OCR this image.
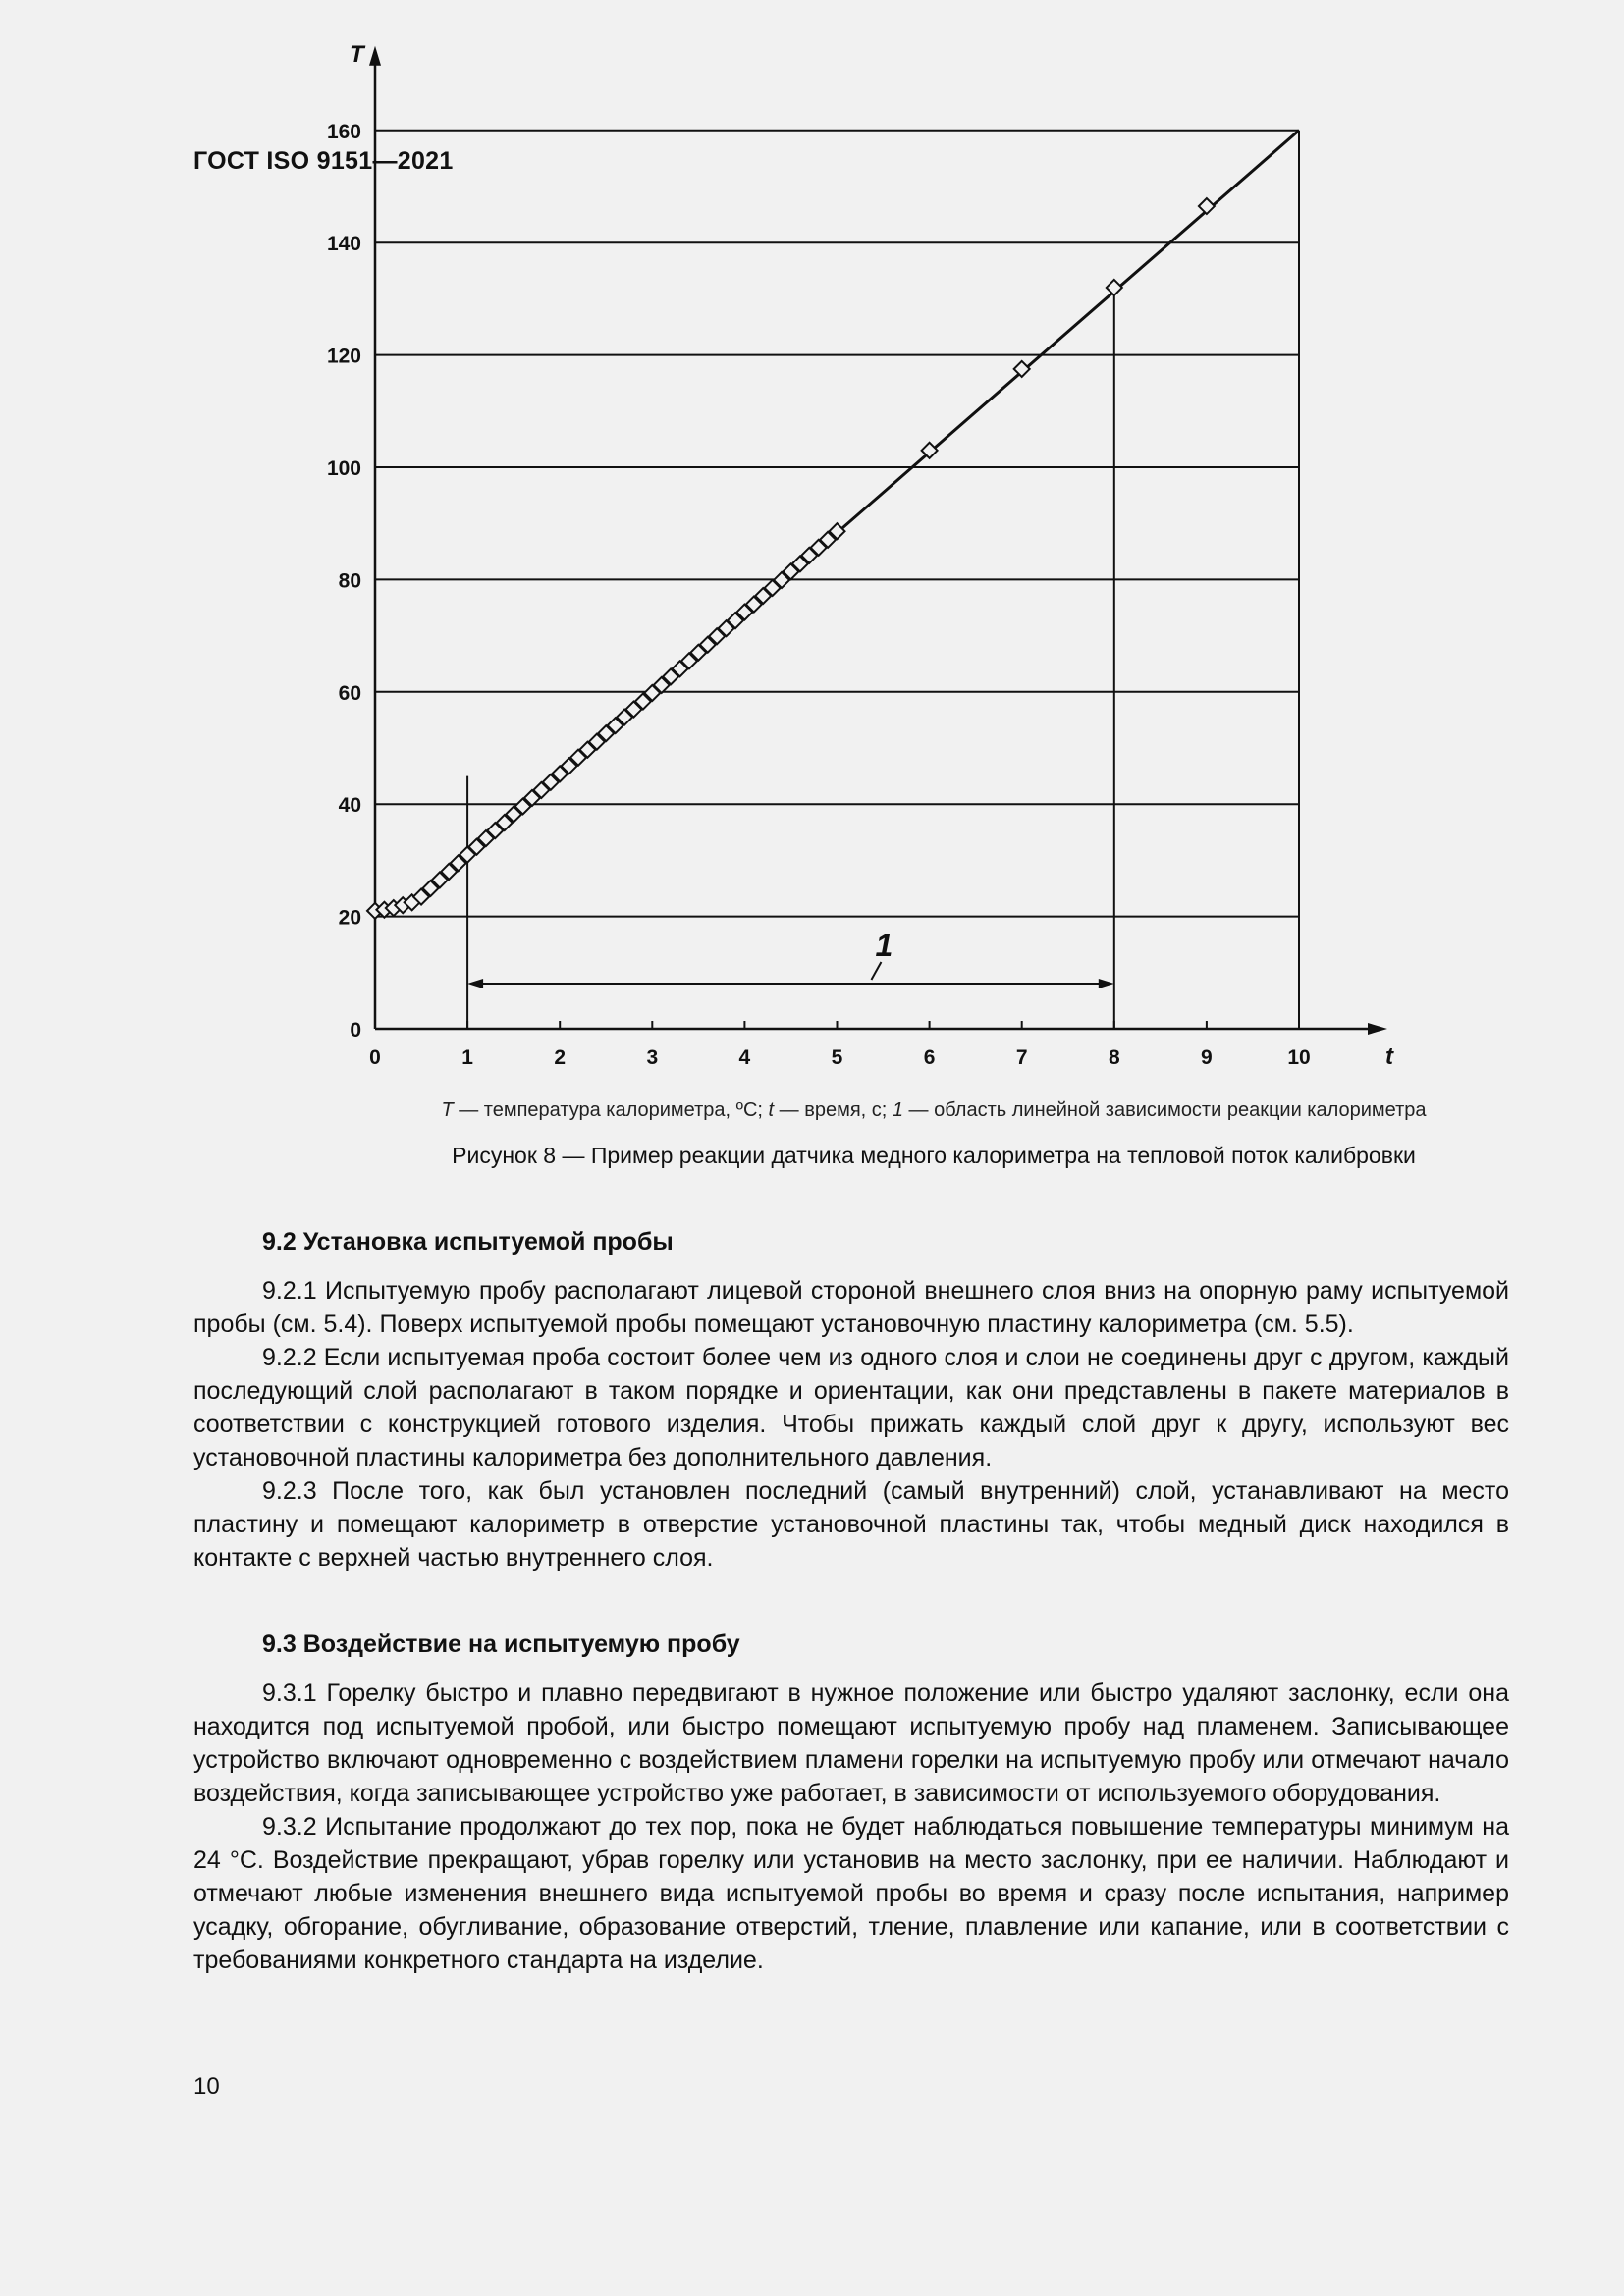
ГОСТ ISO 9151—2021
0	1	2	3	4	5	6	7	8	9	10
0
20
40
60
80
100
120
140
160
T
t
1
T — температура калориметра, ºС; t — время, с; 1 — область линейной зависимости реакции калориметра
Рисунок 8 — Пример реакции датчика медного калориметра на тепловой поток калибровки
9.2 Установка испытуемой пробы

9.2.1 Испытуемую пробу располагают лицевой стороной внешнего слоя вниз на опорную раму испытуемой пробы (см. 5.4). Поверх испытуемой пробы помещают установочную пластину калориметра (см. 5.5).

9.2.2 Если испытуемая проба состоит более чем из одного слоя и слои не соединены друг с другом, каждый последующий слой располагают в таком порядке и ориентации, как они представлены в пакете материалов в соответствии с конструкцией готового изделия. Чтобы прижать каждый слой друг к другу, используют вес установочной пластины калориметра без дополнительного давления.

9.2.3 После того, как был установлен последний (самый внутренний) слой, устанавливают на место пластину и помещают калориметр в отверстие установочной пластины так, чтобы медный диск находился в контакте с верхней частью внутреннего слоя.

9.3 Воздействие на испытуемую пробу

9.3.1 Горелку быстро и плавно передвигают в нужное положение или быстро удаляют заслонку, если она находится под испытуемой пробой, или быстро помещают испытуемую пробу над пламенем. Записывающее устройство включают одновременно с воздействием пламени горелки на испытуемую пробу или отмечают начало воздействия, когда записывающее устройство уже работает, в зависимости от используемого оборудования.

9.3.2 Испытание продолжают до тех пор, пока не будет наблюдаться повышение температуры минимум на 24 °С. Воздействие прекращают, убрав горелку или установив на место заслонку, при ее наличии. Наблюдают и отмечают любые изменения внешнего вида испытуемой пробы во время и сразу после испытания, например усадку, обгорание, обугливание, образование отверстий, тление, плавление или капание, или в соответствии с требованиями конкретного стандарта на изделие.

10
